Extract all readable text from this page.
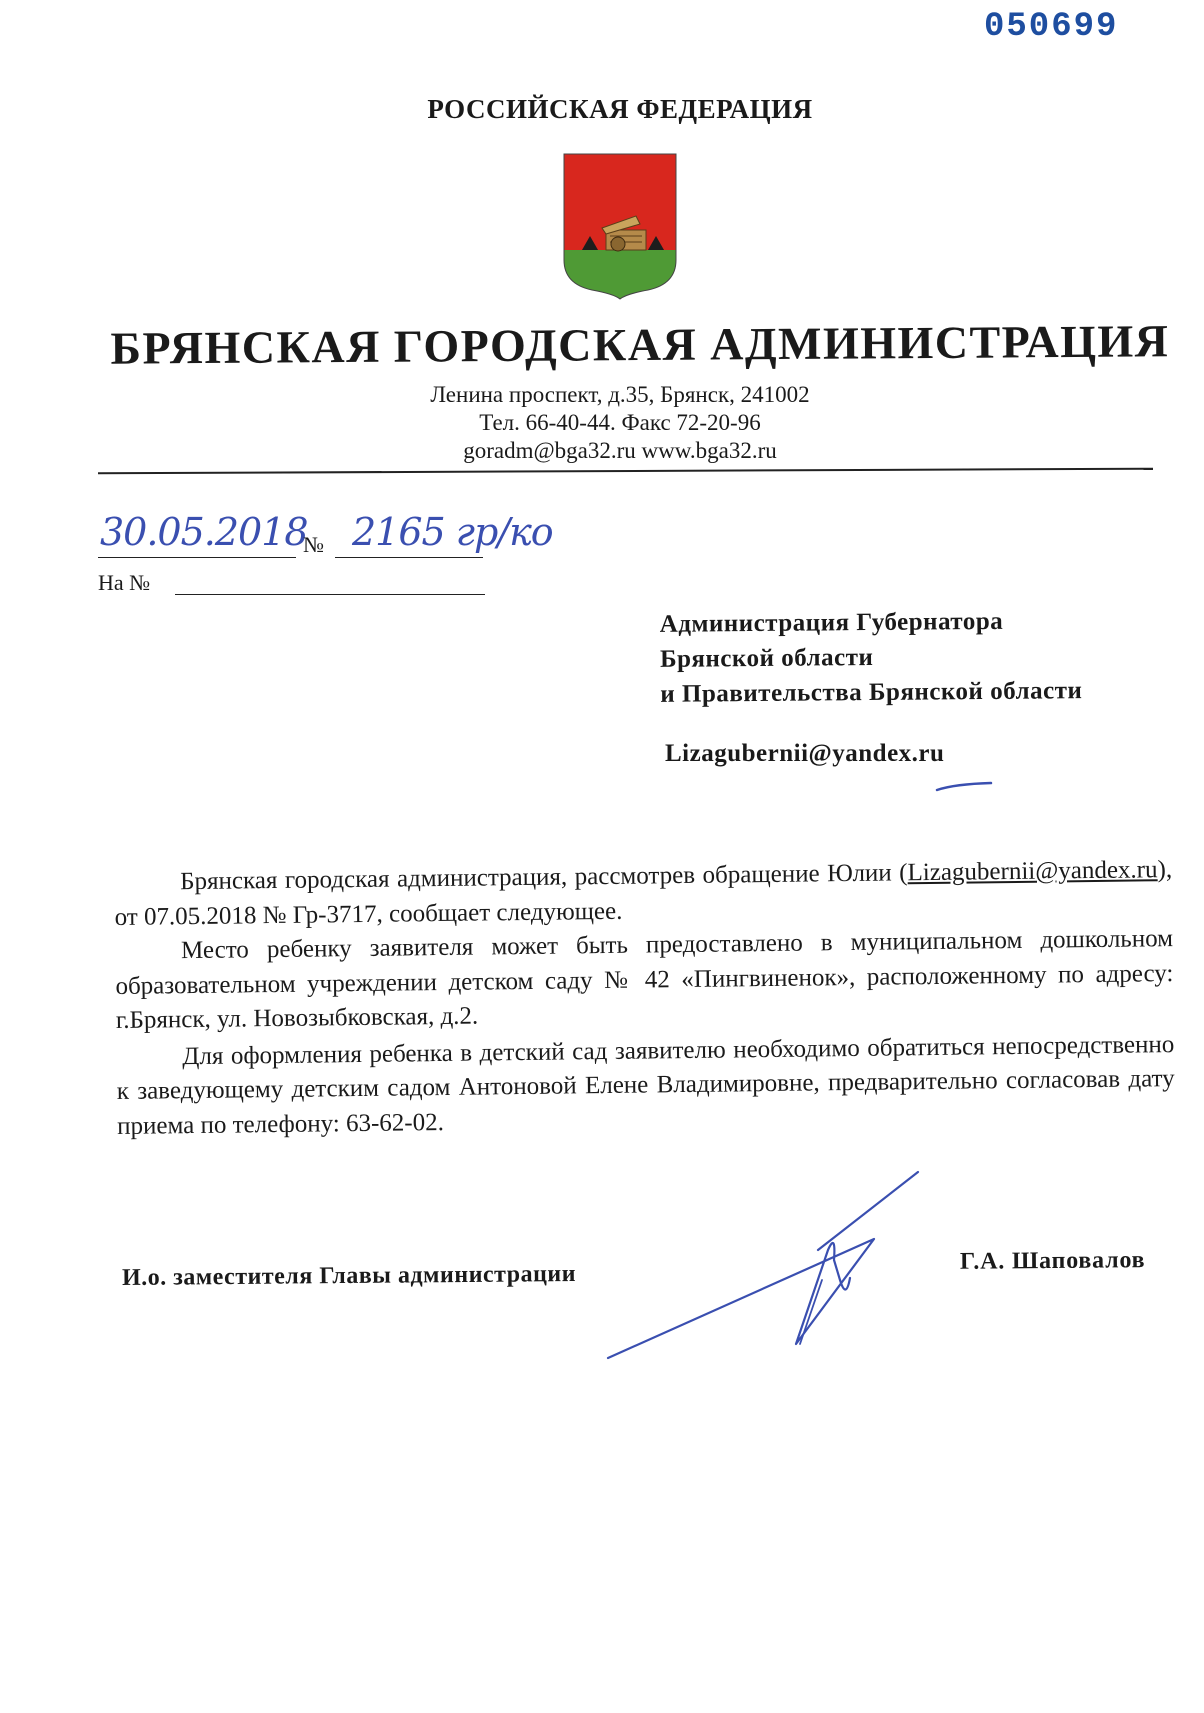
050699
РОССИЙСКАЯ ФЕДЕРАЦИЯ
БРЯНСКАЯ ГОРОДСКАЯ АДМИНИСТРАЦИЯ
Ленина проспект, д.35, Брянск, 241002
Тел. 66-40-44. Факс 72-20-96
goradm@bga32.ru www.bga32.ru
30.05.2018
№ 2165 гр/ко
На №
Администрация Губернатора
Брянской области
и Правительства Брянской области
Lizagubernii@yandex.ru

Брянская городская администрация, рассмотрев обращение Юлии (Lizagubernii@yandex.ru), от 07.05.2018 № Гр-3717, сообщает следующее.

Место ребенку заявителя может быть предоставлено в муниципальном дошкольном образовательном учреждении детском саду № 42 «Пингвиненок», расположенному по адресу: г.Брянск, ул. Новозыбковская, д.2.

Для оформления ребенка в детский сад заявителю необходимо обратиться непосредственно к заведующему детским садом Антоновой Елене Владимировне, предварительно согласовав дату приема по телефону: 63-62-02.

И.о. заместителя Главы администрации
Г.А. Шаповалов
